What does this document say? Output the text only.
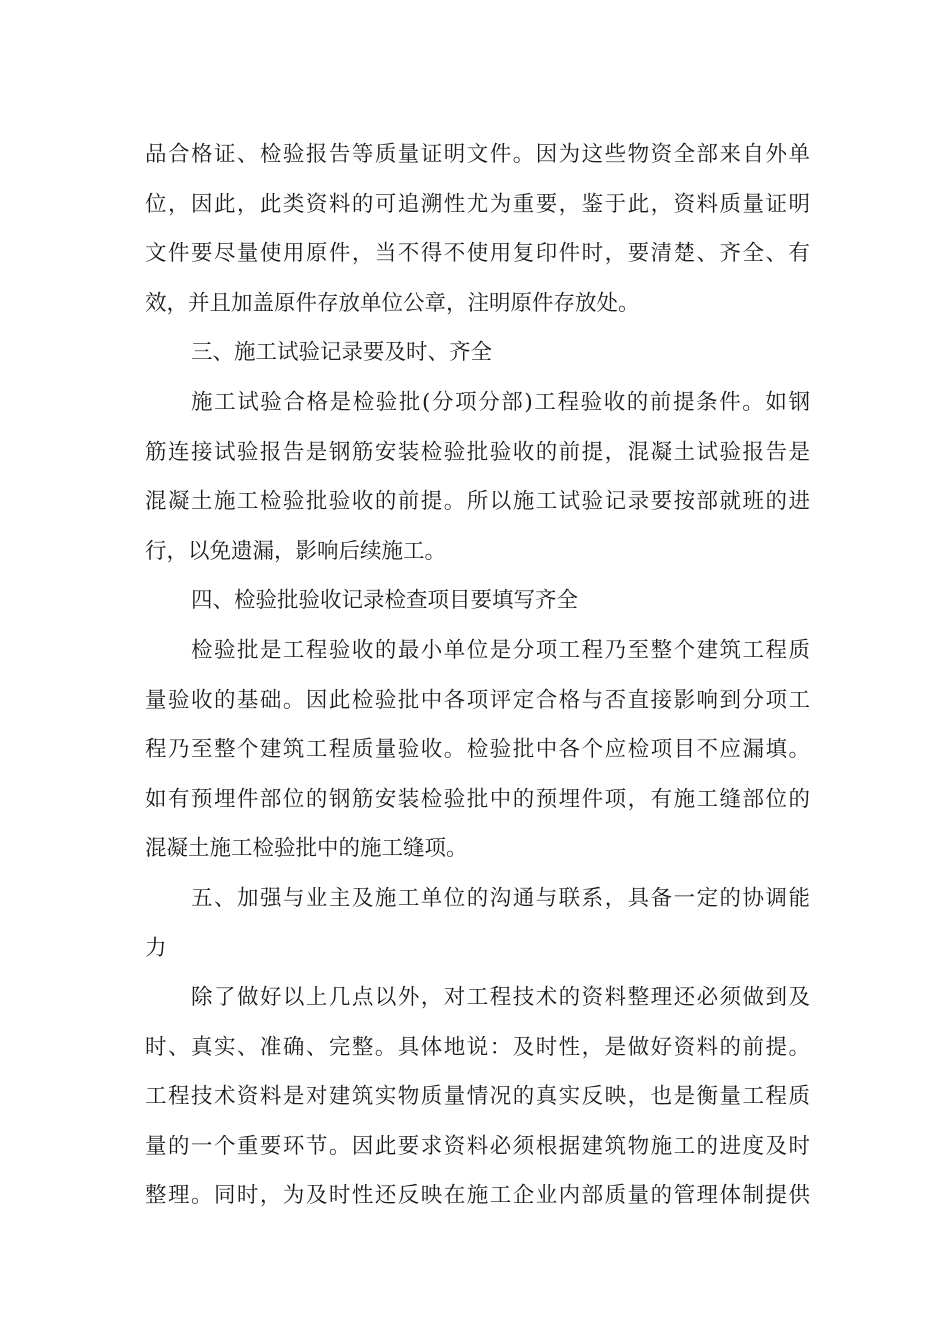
品合格证、检验报告等质量证明文件。因为这些物资全部来自外单
位，因此，此类资料的可追溯性尤为重要，鉴于此，资料质量证明
文件要尽量使用原件，当不得不使用复印件时，要清楚、齐全、有
效，并且加盖原件存放单位公章，注明原件存放处。
三、施工试验记录要及时、齐全
施工试验合格是检验批(分项分部)工程验收的前提条件。如钢
筋连接试验报告是钢筋安装检验批验收的前提，混凝土试验报告是
混凝土施工检验批验收的前提。所以施工试验记录要按部就班的进
行，以免遗漏，影响后续施工。
四、检验批验收记录检查项目要填写齐全
检验批是工程验收的最小单位是分项工程乃至整个建筑工程质
量验收的基础。因此检验批中各项评定合格与否直接影响到分项工
程乃至整个建筑工程质量验收。检验批中各个应检项目不应漏填。
如有预埋件部位的钢筋安装检验批中的预埋件项，有施工缝部位的
混凝土施工检验批中的施工缝项。
五、加强与业主及施工单位的沟通与联系，具备一定的协调能
力
除了做好以上几点以外，对工程技术的资料整理还必须做到及
时、真实、准确、完整。具体地说：及时性，是做好资料的前提。
工程技术资料是对建筑实物质量情况的真实反映，也是衡量工程质
量的一个重要环节。因此要求资料必须根据建筑物施工的进度及时
整理。同时，为及时性还反映在施工企业内部质量的管理体制提供
